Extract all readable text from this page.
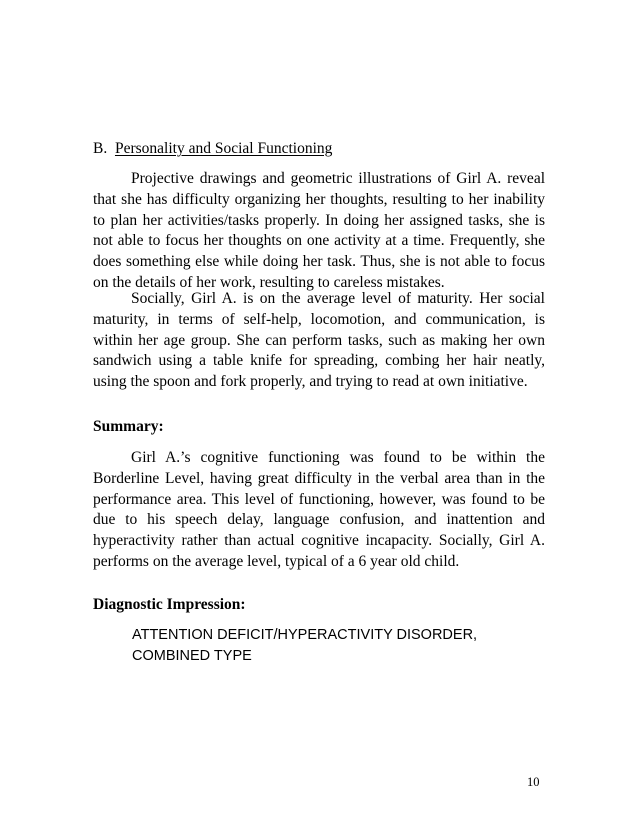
B. Personality and Social Functioning

Projective drawings and geometric illustrations of Girl A. reveal that she has difficulty organizing her thoughts, resulting to her inability to plan her activities/tasks properly. In doing her assigned tasks, she is not able to focus her thoughts on one activity at a time. Frequently, she does something else while doing her task. Thus, she is not able to focus on the details of her work, resulting to careless mistakes.

Socially, Girl A. is on the average level of maturity. Her social maturity, in terms of self-help, locomotion, and communication, is within her age group. She can perform tasks, such as making her own sandwich using a table knife for spreading, combing her hair neatly, using the spoon and fork properly, and trying to read at own initiative.

Summary:

Girl A.’s cognitive functioning was found to be within the Borderline Level, having great difficulty in the verbal area than in the performance area. This level of functioning, however, was found to be due to his speech delay, language confusion, and inattention and hyperactivity rather than actual cognitive incapacity. Socially, Girl A. performs on the average level, typical of a 6 year old child.

Diagnostic Impression:
ATTENTION DEFICIT/HYPERACTIVITY DISORDER,
COMBINED TYPE
10
